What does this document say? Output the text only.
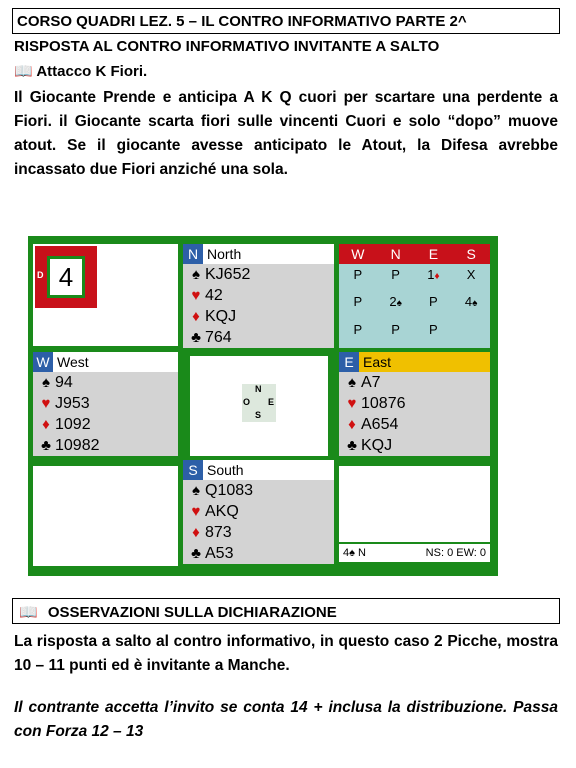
CORSO QUADRI LEZ. 5 – IL CONTRO INFORMATIVO PARTE 2^
RISPOSTA AL CONTRO INFORMATIVO INVITANTE A SALTO
📖 Attacco K Fiori.
Il Giocante Prende e anticipa A K Q cuori per scartare una perdente a Fiori. il Giocante scarta fiori sulle vincenti Cuori e solo “dopo” muove atout. Se il giocante avesse anticipato le Atout, la Difesa avrebbe incassato due Fiori anziché una sola.
4
D
N North
♠ KJ652
♥ 42
♦ KQJ
♣ 764
W	N	E	S
P	P	1♦	X
P	2♠	P	4♠
P	P	P
W West
♠ 94
♥ J953
♦ 1092
♣ 10982
N
O E
S
E East
♠ A7
♥ 10876
♦ A654
♣ KQJ
S South
♠ Q1083
♥ AKQ
♦ 873
♣ A53	4♠ N	NS: 0 EW: 0
📖 OSSERVAZIONI SULLA DICHIARAZIONE
La risposta a salto al contro informativo, in questo caso 2 Picche, mostra 10 – 11 punti ed è invitante a Manche.
Il contrante accetta l’invito se conta 14 + inclusa la distribuzione. Passa con Forza 12 – 13
